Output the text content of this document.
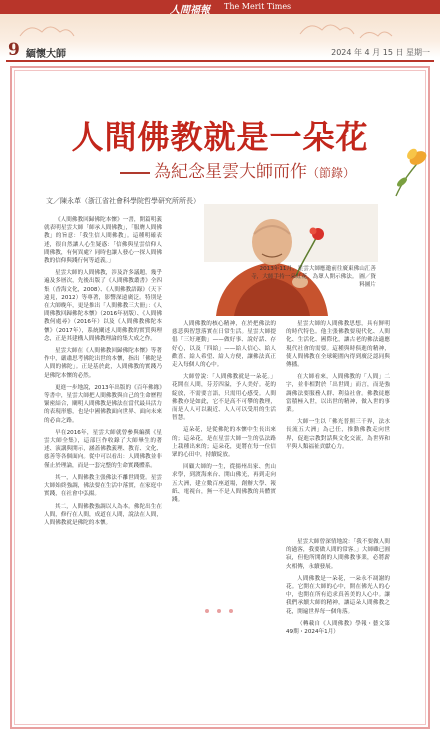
人間福報 The Merit Times
9 緬懷大師	2024 年 4 月 15 日 星期一
人間佛教就是一朵花
為紀念星雲大師而作（節錄）
文／陳永革（浙江省社會科學院哲學研究所所長）
2013年11月，星雲大師應邀前往廣東佛山汇善寺，大師手持一朵紅花，為眾人開示佛法。 圖／資料圖片

《人間佛教回歸佛陀本懷》一書，開篇明義就表明星雲大師「師承人間佛教」，「服膺人間佛教」的旨意：「我生信人間佛教」。這種明確表述，很自然讓人心生疑惑：「信佛與星雲信仰人間佛教，有何異處？同時也讓人發心一探人間佛教的信仰與踐行何等道義。」

星雲大師的人間佛教，涉及許多議題，幾乎遍及多層次，先後出版了《人間佛教叢書》全四集（香海文化，2008）、《人間佛教語錄》（天下遠見，2012）等專著，影響深遠廣泛。特別是在大師晚年，更是推出「人間佛教三大冊」：《人間佛教回歸佛陀本懷》（2016年初版）、《人間佛教何處尋》（2016年）以及《人間佛教佛陀本懷》（2017年），系統闡述人間佛教的實質與理念，正是其建構人間佛教理論的集大成之作。

星雲大師在《人間佛教回歸佛陀本懷》等著作中，嚴肅思考佛陀出世的本懷，指出「佛陀是人間的佛陀」。正是基於此，人間佛教的實踐乃是佛陀本懷的必然。

更進一步地說，2013年出版的《百年佛緣》等書中，星雲大師把人間佛教與自己的生命歷程緊密結合，闡明人間佛教是佛法在當代最具活力的表現形態，也是中國佛教面向世界、面向未來的必由之路。

早在2016年，星雲大師就曾參與編撰《星雲大師全集》，這部巨作收錄了大師畢生的著述、演講與開示，涵蓋佛教義理、教育、文化、慈善等各個面向。從中可以看出：人間佛教並非僅止於理論，而是一套完整的生命實踐體系。

其一，人間佛教主張佛法不離世間覺。星雲大師始終強調，佛法要在生活中落實，在家庭中實踐，在社會中弘揚。

其二，人間佛教強調以人為本。佛陀出生在人間，修行在人間，成道在人間，說法在人間，人間佛教就是佛陀的本懷。

人間佛教的核心精神，在於把佛法的慈悲與智慧落實在日常生活。星雲大師提倡「三好運動」——做好事、說好話、存好心，以及「四給」——給人信心、給人歡喜、給人希望、給人方便，讓佛法真正走入每個人的心中。

大師曾說：「人間佛教就是一朵花。」花開在人間，芬芳四溢，予人美好。花的綻放，不需要言語，只需用心感受。人間佛教亦是如此，它不是高不可攀的教理，而是人人可以親近、人人可以受用的生活智慧。

這朵花，是從佛陀的本懷中生長出來的；這朵花，是在星雲大師一生的弘法路上栽種出來的；這朵花，更將在每一位信眾的心田中，持續綻放。

回顧大師的一生，從揚州出家、焦山求學，到渡海來台、開山佛光，再到走向五大洲，建立數百座道場，創辦大學、報紙、電視台，無一不是人間佛教的具體實踐。

星雲大師的人間佛教思想，具有鮮明的時代特色。他主張佛教要現代化、人間化、生活化、國際化，讓古老的佛法適應現代社會的需要。這種與時俱進的精神，使人間佛教在全球範圍內得到廣泛認同與傳播。

在大師看來，人間佛教的「人間」二字，並非相對於「出世間」而言，而是強調佛法要服務人群、利益社會。佛教徒應當積極入世，以出世的精神，做入世的事業。

大師一生以「佛光普照三千界，法水長流五大洲」為己任，推動佛教走向世界，促進宗教對話與文化交流，為世界和平與人類福祉貢獻心力。

星雲大師曾深情地說：「我不要做人間的過客，我要做人間的常客。」大師雖已圓寂，但他所開創的人間佛教事業，必將薪火相傳，永續發展。

人間佛教是一朵花，一朵永不凋謝的花。它開在大師的心中，開在佛光人的心中，也開在所有追求真善美的人心中。讓我們承續大師的精神，讓這朵人間佛教之花，開遍世界每一個角落。

（轉載自《人間佛教》學報・藝文第49期・2024年1月）
